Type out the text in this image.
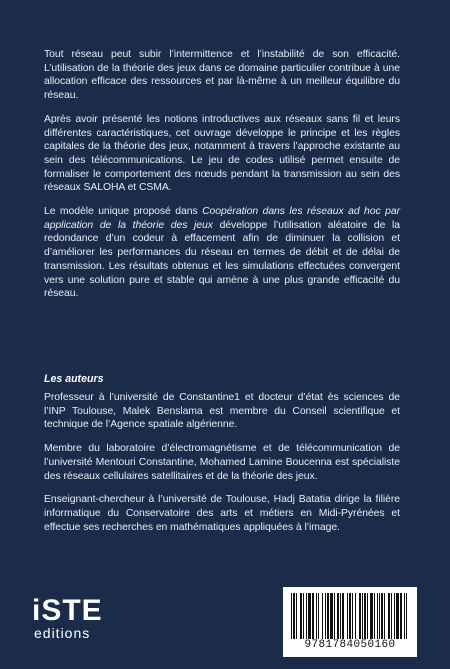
Tout réseau peut subir l’intermittence et l’instabilité de son efficacité. L’utilisation de la théorie des jeux dans ce domaine particulier contribue à une allocation efficace des ressources et par là-même à un meilleur équilibre du réseau.

Après avoir présenté les notions introductives aux réseaux sans fil et leurs différentes caractéristiques, cet ouvrage développe le principe et les règles capitales de la théorie des jeux, notamment à travers l’approche existante au sein des télécommunications. Le jeu de codes utilisé permet ensuite de formaliser le comportement des nœuds pendant la transmission au sein des réseaux SALOHA et CSMA.

Le modèle unique proposé dans Coopération dans les réseaux ad hoc par application de la théorie des jeux développe l’utilisation aléatoire de la redondance d’un codeur à effacement afin de diminuer la collision et d’améliorer les performances du réseau en termes de débit et de délai de transmission. Les résultats obtenus et les simulations effectuées convergent vers une solution pure et stable qui amène à une plus grande efficacité du réseau.

Les auteurs

Professeur à l’université de Constantine1 et docteur d’état ès sciences de l’INP Toulouse, Malek Benslama est membre du Conseil scientifique et technique de l’Agence spatiale algérienne.

Membre du laboratoire d’électromagnétisme et de télécommunication de l’université Mentouri Constantine, Mohamed Lamine Boucenna est spécialiste des réseaux cellulaires satellitaires et de la théorie des jeux.

Enseignant-chercheur à l’université de Toulouse, Hadj Batatia dirige la filière informatique du Conservatoire des arts et métiers en Midi-Pyrénées et effectue ses recherches en mathématiques appliquées à l’image.

iSTE
editions
9781784050160
